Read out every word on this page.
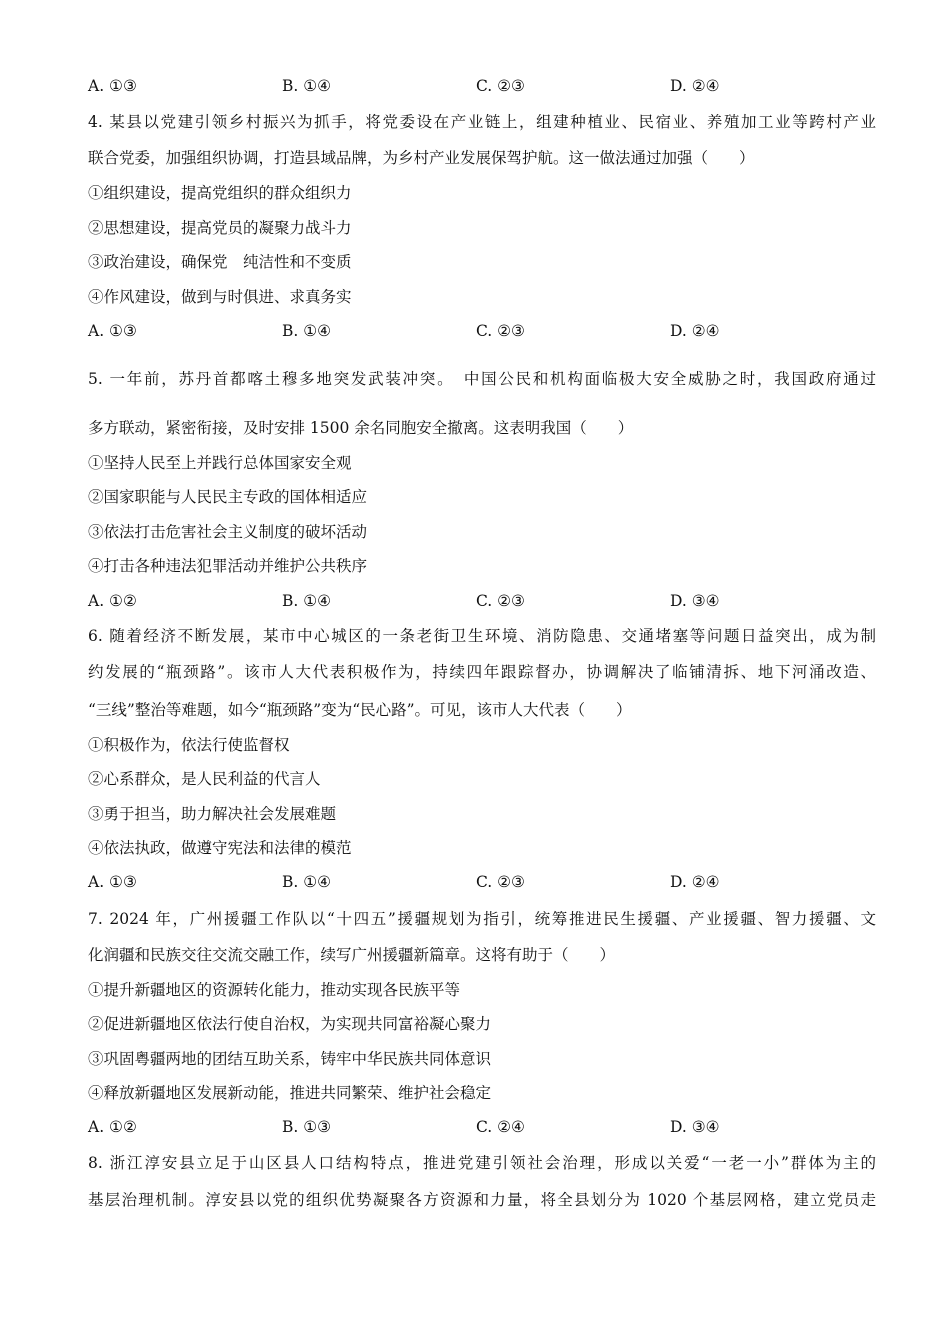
A. ①③	B. ①④	C. ②③	D. ②④
4. 某县以党建引领乡村振兴为抓手，将党委设在产业链上，组建种植业、民宿业、养殖加工业等跨村产业
联合党委，加强组织协调，打造县域品牌，为乡村产业发展保驾护航。这一做法通过加强（　　）
①组织建设，提高党组织的群众组织力
②思想建设，提高党员的凝聚力战斗力
③政治建设，确保党　纯洁性和不变质
④作风建设，做到与时俱进、求真务实
A. ①③	B. ①④	C. ②③	D. ②④
5. 一年前，苏丹首都喀土穆多地突发武装冲突。　中国公民和机构面临极大安全威胁之时，我国政府通过
多方联动，紧密衔接，及时安排 1500 余名同胞安全撤离。这表明我国（　　）
①坚持人民至上并践行总体国家安全观
②国家职能与人民民主专政的国体相适应
③依法打击危害社会主义制度的破坏活动
④打击各种违法犯罪活动并维护公共秩序
A. ①②	B. ①④	C. ②③	D. ③④
6. 随着经济不断发展，某市中心城区的一条老街卫生环境、消防隐患、交通堵塞等问题日益突出，成为制
约发展的“瓶颈路”。该市人大代表积极作为，持续四年跟踪督办，协调解决了临铺清拆、地下河涌改造、
“三线”整治等难题，如今“瓶颈路”变为“民心路”。可见，该市人大代表（　　）
①积极作为，依法行使监督权
②心系群众，是人民利益的代言人
③勇于担当，助力解决社会发展难题
④依法执政，做遵守宪法和法律的模范
A. ①③	B. ①④	C. ②③	D. ②④
7. 2024 年，广州援疆工作队以“十四五”援疆规划为指引，统筹推进民生援疆、产业援疆、智力援疆、文
化润疆和民族交往交流交融工作，续写广州援疆新篇章。这将有助于（　　）
①提升新疆地区的资源转化能力，推动实现各民族平等
②促进新疆地区依法行使自治权，为实现共同富裕凝心聚力
③巩固粤疆两地的团结互助关系，铸牢中华民族共同体意识
④释放新疆地区发展新动能，推进共同繁荣、维护社会稳定
A. ①②	B. ①③	C. ②④	D. ③④
8. 浙江淳安县立足于山区县人口结构特点，推进党建引领社会治理，形成以关爱“一老一小”群体为主的
基层治理机制。淳安县以党的组织优势凝聚各方资源和力量，将全县划分为 1020 个基层网格，建立党员走
